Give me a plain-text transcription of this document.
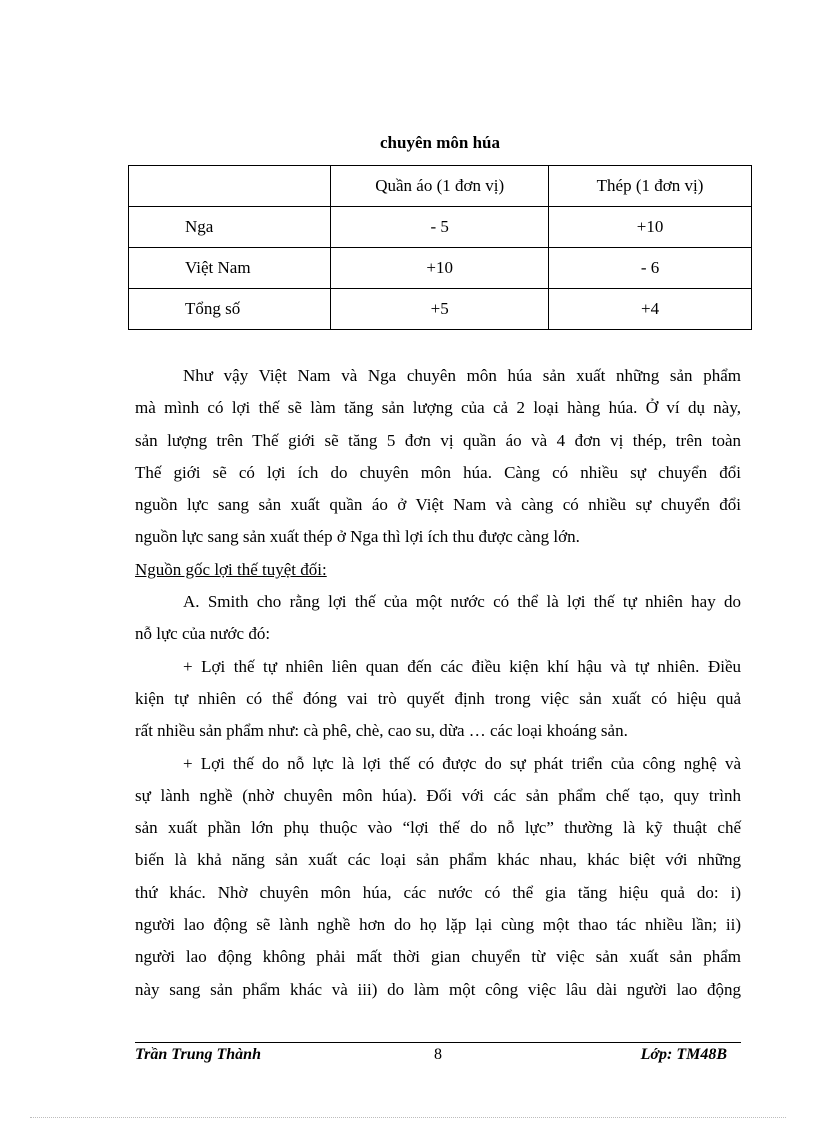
chuyên môn húa
	Quần áo (1 đơn vị)	Thép (1 đơn vị)
Nga	- 5	+10
Việt Nam	+10	- 6
Tổng số	+5	+4

Như vậy Việt Nam và Nga chuyên môn húa sản xuất những sản phẩm

mà mình có lợi thế sẽ làm tăng sản lượng của cả 2 loại hàng húa. Ở ví dụ này,

sản lượng trên Thế giới sẽ tăng 5 đơn vị quần áo và 4 đơn vị thép, trên toàn

Thế giới sẽ có lợi ích do chuyên môn húa. Càng có nhiều sự chuyển đổi

nguồn lực sang sản xuất quần áo ở Việt Nam và càng có nhiều sự chuyển đổi

nguồn lực sang sản xuất thép ở Nga thì lợi ích thu được càng lớn.

Nguồn gốc lợi thế tuyệt đối:

A. Smith cho rằng lợi thế của một nước có thể là lợi thế tự nhiên hay do

nỗ lực của nước đó:

+ Lợi thế tự nhiên liên quan đến các điều kiện khí hậu và tự nhiên. Điều

kiện tự nhiên có thể đóng vai trò quyết định trong việc sản xuất có hiệu quả

rất nhiều sản phẩm như: cà phê, chè, cao su, dừa … các loại khoáng sản.

+ Lợi thế do nỗ lực là lợi thế có được do sự phát triển của công nghệ và

sự lành nghề (nhờ chuyên môn húa). Đối với các sản phẩm chế tạo, quy trình

sản xuất phần lớn phụ thuộc vào “lợi thế do nỗ lực” thường là kỹ thuật chế

biến là khả năng sản xuất các loại sản phẩm khác nhau, khác biệt với những

thứ khác. Nhờ chuyên môn húa, các nước có thể gia tăng hiệu quả do: i)

người lao động sẽ lành nghề hơn do họ lặp lại cùng một thao tác nhiều lần; ii)

người lao động không phải mất thời gian chuyển từ việc sản xuất sản phẩm

này sang sản phẩm khác và iii) do làm một công việc lâu dài người lao động

Trần Trung Thành	8	Lớp: TM48B
